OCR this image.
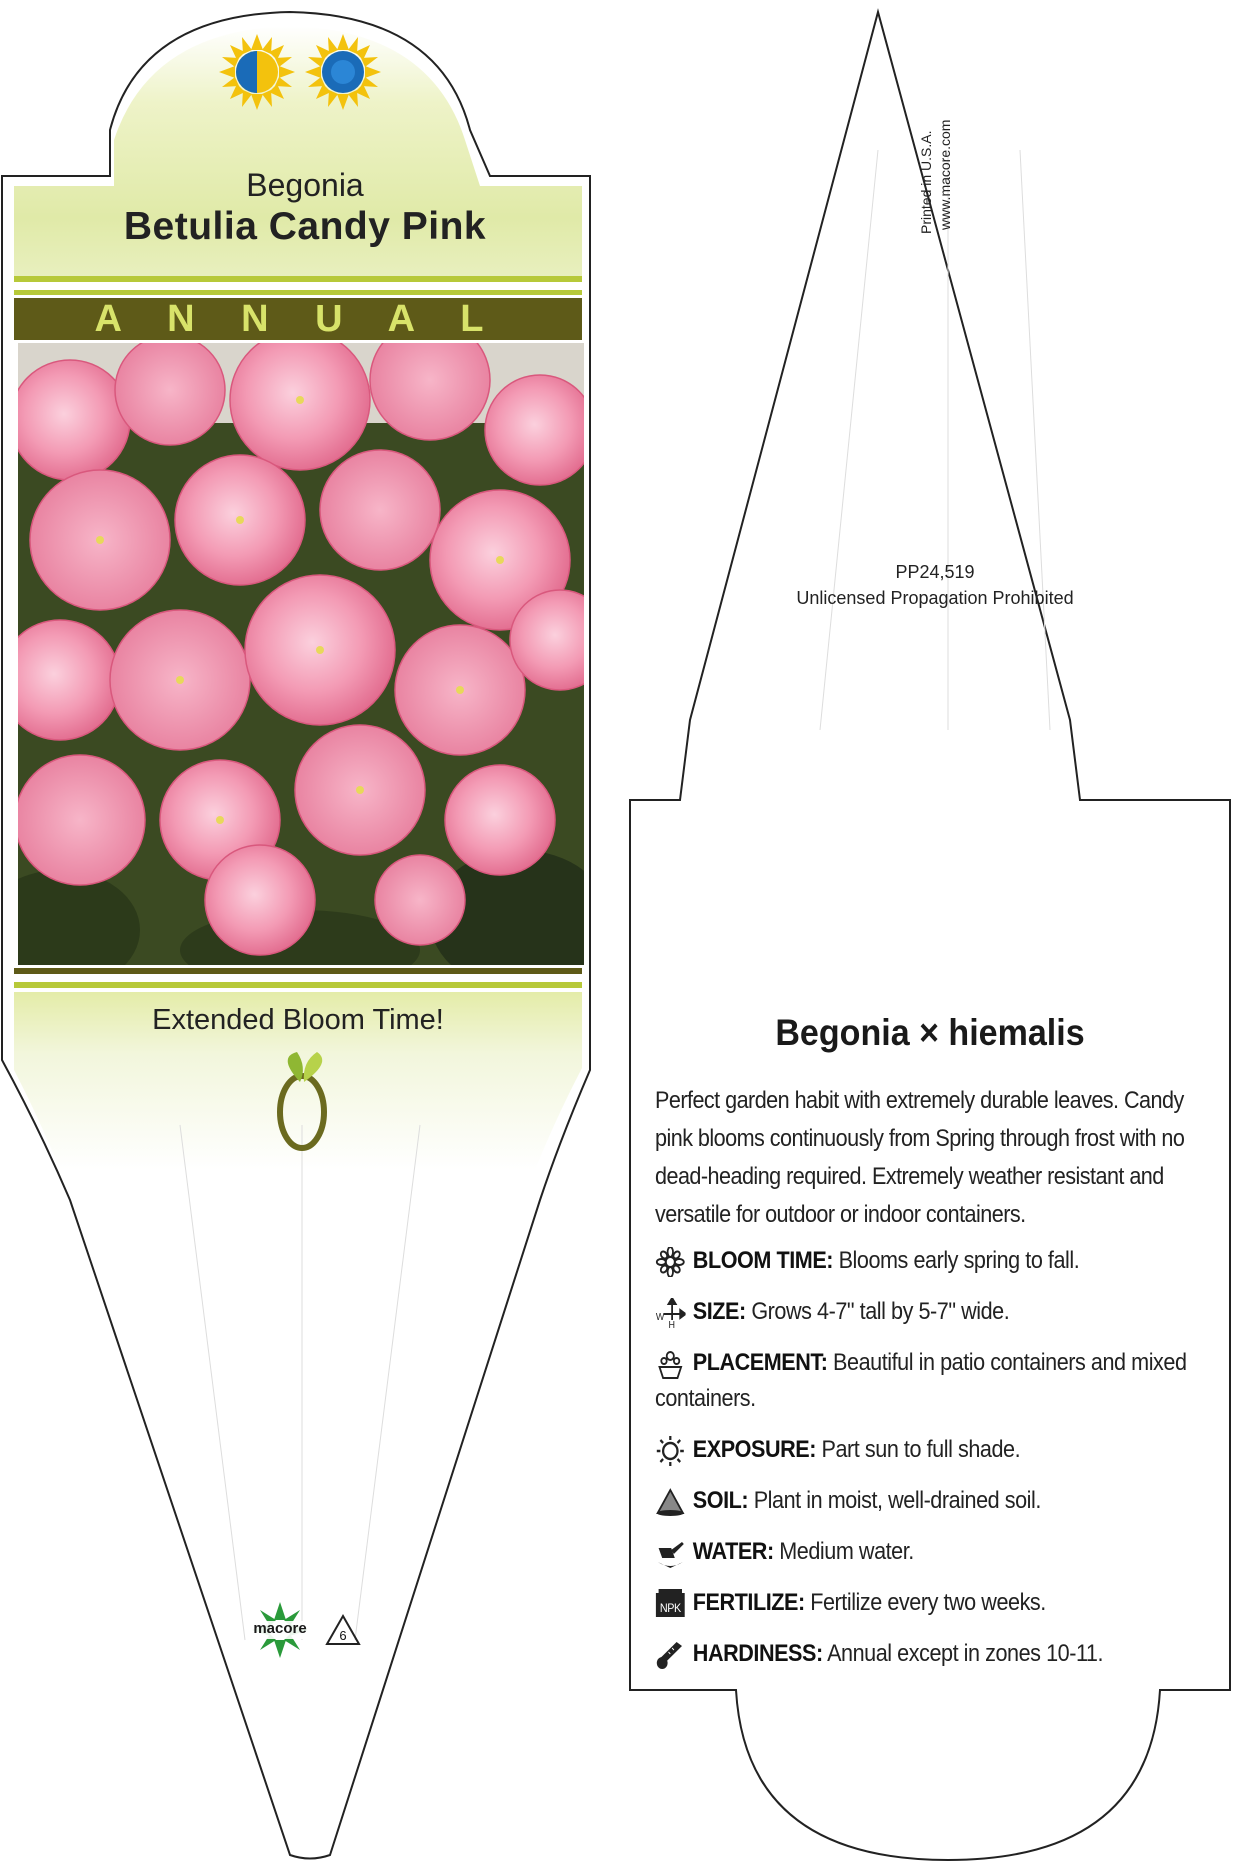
Begonia
Betulia Candy Pink
A N N U A L
Extended Bloom Time!
macore	6
Printed in U.S.A. www.macore.com
PP24,519
Unlicensed Propagation Prohibited
Begonia × hiemalis
Perfect garden habit with extremely durable leaves. Candy pink blooms continuously from Spring through frost with no dead-heading required. Extremely weather resistant and versatile for outdoor or indoor containers.
BLOOM TIME: Blooms early spring to fall.
W
H
SIZE: Grows 4-7" tall by 5-7" wide.
PLACEMENT: Beautiful in patio containers and mixed containers.
EXPOSURE: Part sun to full shade.
SOIL: Plant in moist, well-drained soil.
WATER: Medium water.
NPK FERTILIZE: Fertilize every two weeks.
HARDINESS: Annual except in zones 10-11.
